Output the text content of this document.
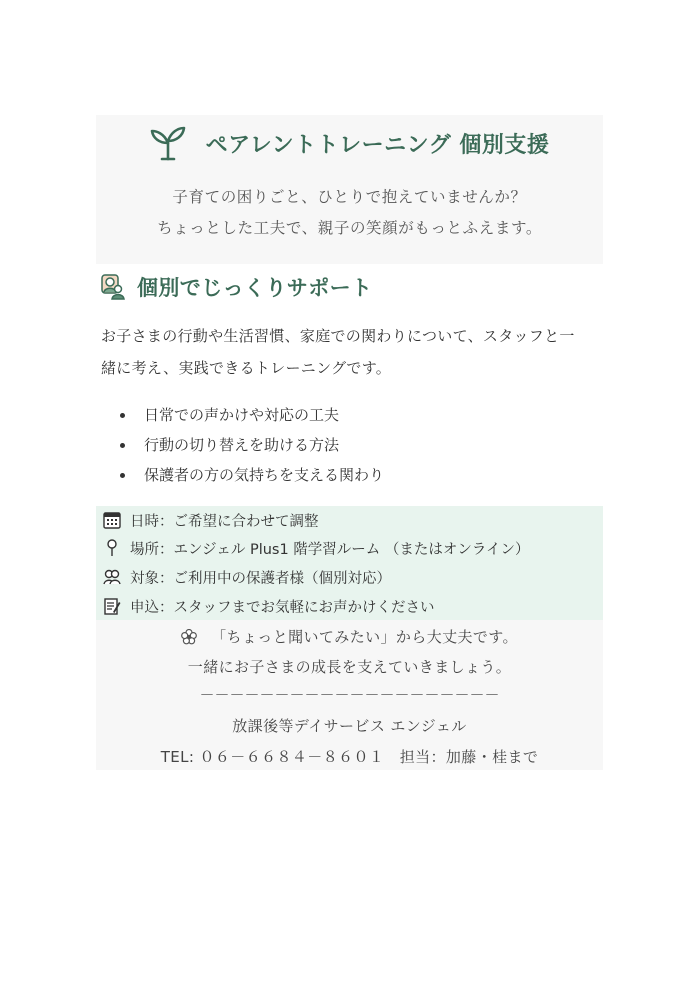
ペアレントトレーニング 個別支援
子育ての困りごと、ひとりで抱えていませんか？
ちょっとした工夫で、親子の笑顔がもっとふえます。
個別でじっくりサポート
お子さまの行動や生活習慣、家庭での関わりについて、スタッフと一
緒に考え、実践できるトレーニングです。
日常での声かけや対応の工夫
行動の切り替えを助ける方法
保護者の方の気持ちを支える関わり
日時：ご希望に合わせて調整
場所：エンジェル Plus1 階学習ルーム （またはオンライン）
対象：ご利用中の保護者様（個別対応）
申込：スタッフまでお気軽にお声かけください
「ちょっと聞いてみたい」から大丈夫です。
一緒にお子さまの成長を支えていきましょう。
－－－－－－－－－－－－－－－－－－－－
放課後等デイサービス エンジェル
TEL: ０６－６６８４－８６０１　担当：加藤・桂まで
